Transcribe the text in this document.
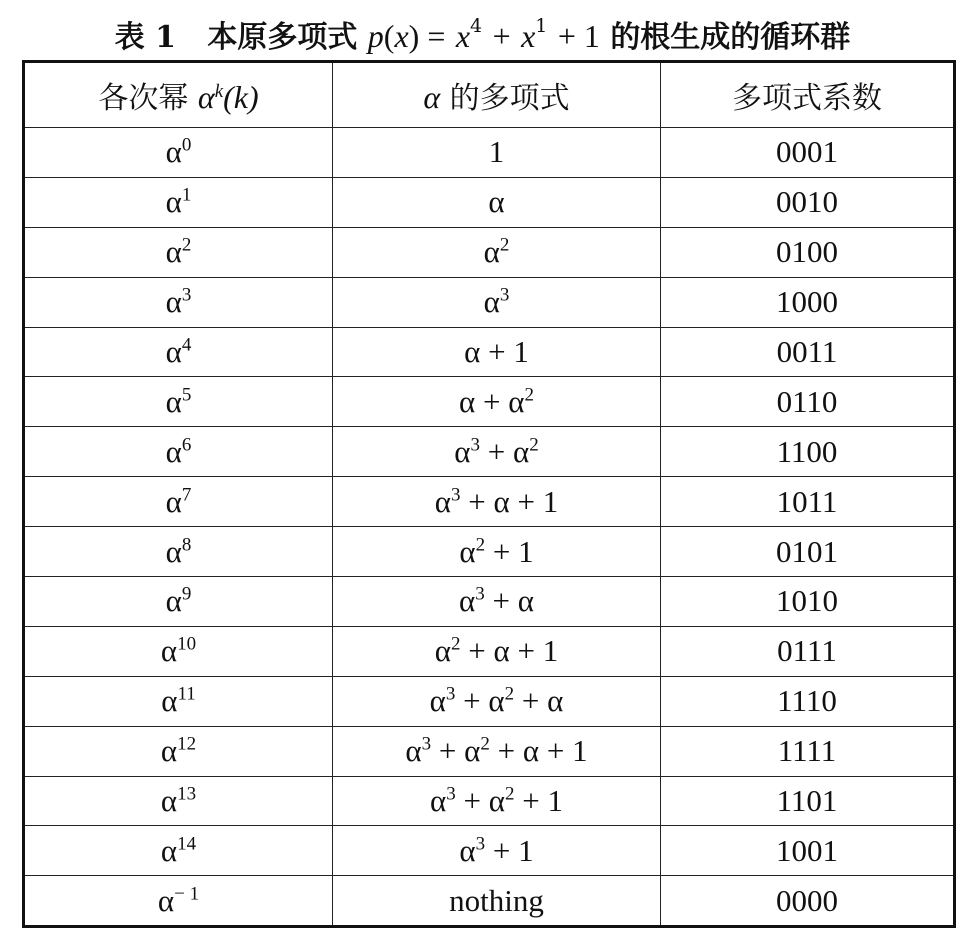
表 1 本原多项式 $p(x) = x^4 + x^1 + 1$ 的根生成的循环群
各次幂 $\alpha^k(k)$	α 的多项式	多项式系数
$\alpha^0$	1	0001
$\alpha^1$	α	0010
$\alpha^2$	$\alpha^2$	0100
$\alpha^3$	$\alpha^3$	1000
$\alpha^4$	α + 1	0011
$\alpha^5$	$\alpha + \alpha^2$	0110
$\alpha^6$	$\alpha^3 + \alpha^2$	1100
$\alpha^7$	$\alpha^3 + \alpha + 1$	1011
$\alpha^8$	$\alpha^2 + 1$	0101
$\alpha^9$	$\alpha^3 + \alpha$	1010
$\alpha^{10}$	$\alpha^2 + \alpha + 1$	0111
$\alpha^{11}$	$\alpha^3 + \alpha^2 + \alpha$	1110
$\alpha^{12}$	$\alpha^3 + \alpha^2 + \alpha + 1$	1111
$\alpha^{13}$	$\alpha^3 + \alpha^2 + 1$	1101
$\alpha^{14}$	$\alpha^3 + 1$	1001
$\alpha^{- 1}$	nothing	0000
